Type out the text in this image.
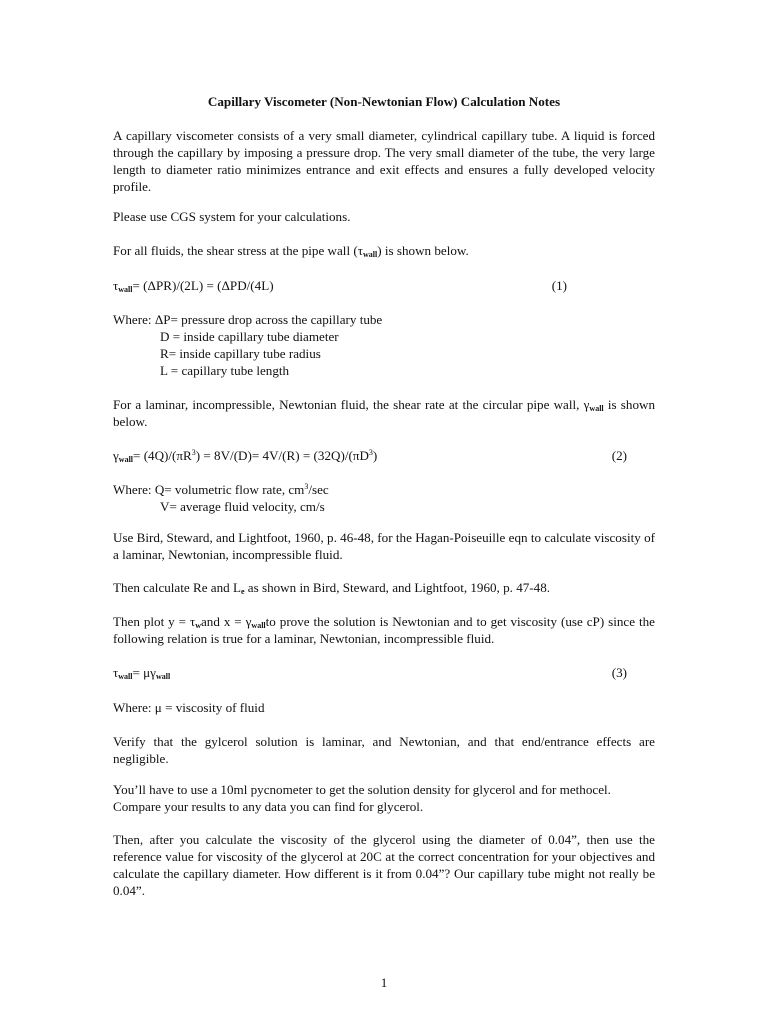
Capillary Viscometer (Non-Newtonian Flow) Calculation Notes

A capillary viscometer consists of a very small diameter, cylindrical capillary tube. A liquid is forced through the capillary by imposing a pressure drop. The very small diameter of the tube, the very large length to diameter ratio minimizes entrance and exit effects and ensures a fully developed velocity profile.

Please use CGS system for your calculations.

For all fluids, the shear stress at the pipe wall $(\tau_{wall})$ is shown below.

$\tau_{wall}= (\Delta PR)/(2L) = (\Delta PD/(4L)$	(1)
Where: ΔP= pressure drop across the capillary tube
D = inside capillary tube diameter
R= inside capillary tube radius
L = capillary tube length

For a laminar, incompressible, Newtonian fluid, the shear rate at the circular pipe wall, $\gamma_{wall}$ is shown below.

$\gamma_{wall}= (4Q)/(\pi R^3) = 8V/(D)= 4V/(R) = (32Q)/(\pi D^3)$	(2)
Where: Q= volumetric flow rate, $cm^3/\sec$
V= average fluid velocity, cm/s

Use Bird, Steward, and Lightfoot, 1960, p. 46-48, for the Hagan-Poiseuille eqn to calculate viscosity of a laminar, Newtonian, incompressible fluid.

Then calculate Re and $L_e$ as shown in Bird, Steward, and Lightfoot, 1960, p. 47-48.

Then plot $y = \tau_wand$ $x = \gamma_{wall}to$ prove the solution is Newtonian and to get viscosity (use cP) since the following relation is true for a laminar, Newtonian, incompressible fluid.

$\tau_{wall}= \mu\gamma_{wall}$	(3)

Where: μ = viscosity of fluid

Verify that the gylcerol solution is laminar, and Newtonian, and that end/entrance effects are negligible.

You’ll have to use a 10ml pycnometer to get the solution density for glycerol and for methocel. Compare your results to any data you can find for glycerol.

Then, after you calculate the viscosity of the glycerol using the diameter of 0.04”, then use the reference value for viscosity of the glycerol at 20C at the correct concentration for your objectives and calculate the capillary diameter. How different is it from 0.04”? Our capillary tube might not really be 0.04”.

1
